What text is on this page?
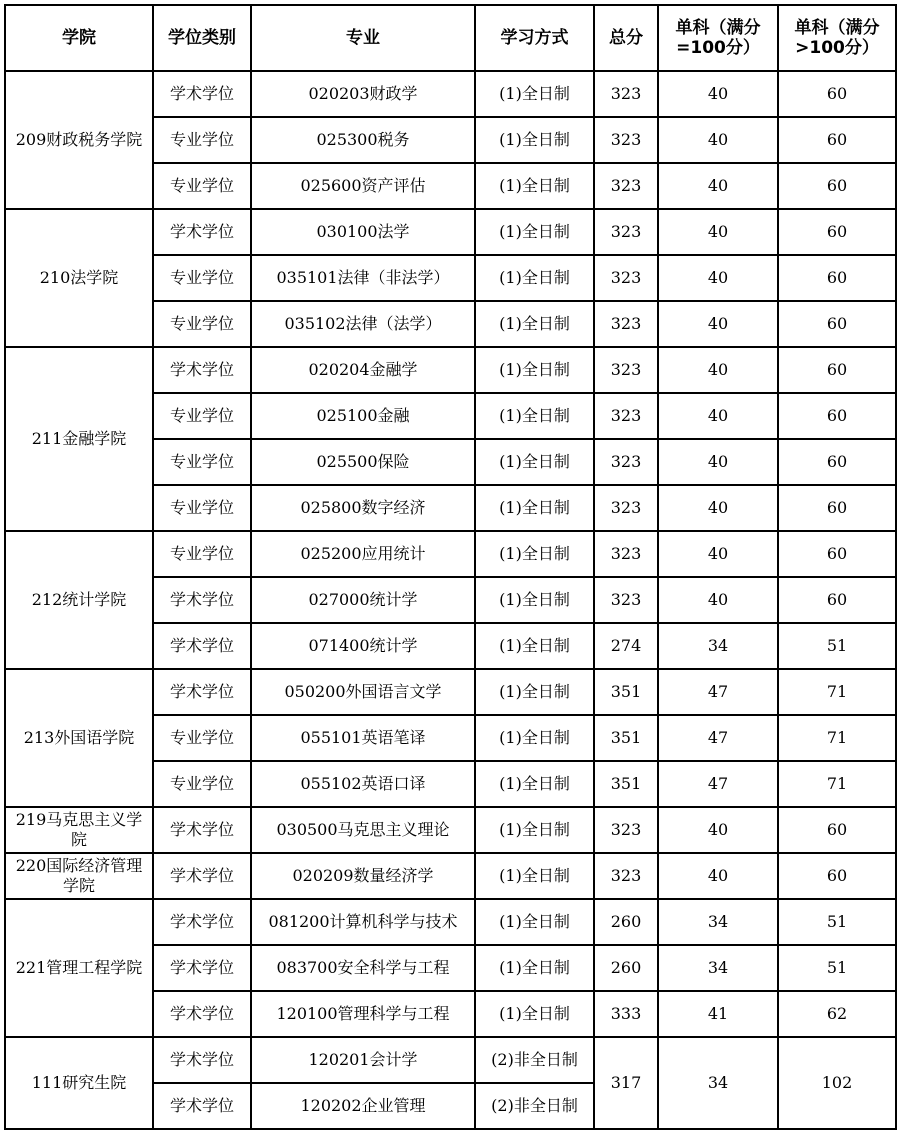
学院	学位类别	专业	学习方式	总分	单科（满分=100分）	单科（满分>100分）
209财政税务学院	学术学位	020203财政学	(1)全日制	323	40	60
	专业学位	025300税务	(1)全日制	323	40	60
	专业学位	025600资产评估	(1)全日制	323	40	60
210法学院	学术学位	030100法学	(1)全日制	323	40	60
	专业学位	035101法律（非法学）	(1)全日制	323	40	60
	专业学位	035102法律（法学）	(1)全日制	323	40	60
211金融学院	学术学位	020204金融学	(1)全日制	323	40	60
	专业学位	025100金融	(1)全日制	323	40	60
	专业学位	025500保险	(1)全日制	323	40	60
	专业学位	025800数字经济	(1)全日制	323	40	60
212统计学院	专业学位	025200应用统计	(1)全日制	323	40	60
	学术学位	027000统计学	(1)全日制	323	40	60
	学术学位	071400统计学	(1)全日制	274	34	51
213外国语学院	学术学位	050200外国语言文学	(1)全日制	351	47	71
	专业学位	055101英语笔译	(1)全日制	351	47	71
	专业学位	055102英语口译	(1)全日制	351	47	71
219马克思主义学院	学术学位	030500马克思主义理论	(1)全日制	323	40	60
220国际经济管理学院	学术学位	020209数量经济学	(1)全日制	323	40	60
221管理工程学院	学术学位	081200计算机科学与技术	(1)全日制	260	34	51
	学术学位	083700安全科学与工程	(1)全日制	260	34	51
	学术学位	120100管理科学与工程	(1)全日制	333	41	62
111研究生院	学术学位	120201会计学	(2)非全日制	317	34	102
	学术学位	120202企业管理	(2)非全日制			
